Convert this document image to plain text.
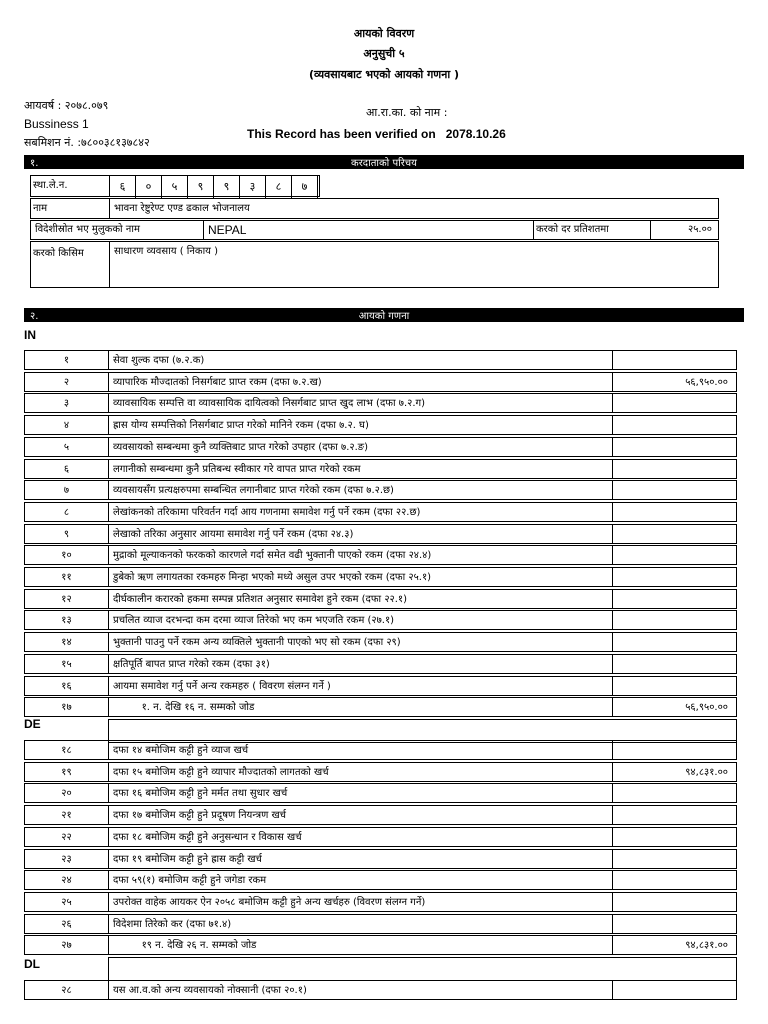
आयको विवरण
अनुसुची ५
(व्यवसायबाट भएको आयको गणना )
आयवर्ष : २०७८.०७९
Bussiness 1
सबमिशन नं. :७८००३८१३७८४२
आ.रा.का. को नाम :
This Record has been verified on   2078.10.26
१.	करदाताको परिचय
स्था.ले.न.	६	०	५	९	९	३	८	७
नाम	भावना रेष्टुरेण्ट एण्ड ढकाल भोजनालय
विदेशीस्रोत भए मुलुकको नाम	NEPAL	करको दर प्रतिशतमा	२५.००
करको किसिम	साधारण व्यवसाय ( निकाय )
२.	आयको गणना
IN
१	सेवा शुल्क दफा (७.२.क)
२	व्यापारिक मौज्दातको निसर्गबाट प्राप्त रकम (दफा ७.२.ख)	५६,९५०.००
३	व्यावसायिक सम्पत्ति वा व्यावसायिक दायित्वको निसर्गबाट प्राप्त खुद लाभ (दफा ७.२.ग)
४	ह्रास योग्य सम्पत्तिको निसर्गबाट प्राप्त गरेको मानिने रकम (दफा ७.२. घ)
५	व्यवसायको सम्बन्धमा कुनै व्यक्तिबाट प्राप्त गरेको उपहार (दफा ७.२.ङ)
६	लगानीको सम्बन्धमा कुनै प्रतिबन्ध स्वीकार गरे वापत प्राप्त गरेको रकम
७	व्यवसायसँग प्रत्यक्षरुपमा सम्बन्धित लगानीबाट प्राप्त गरेको रकम (दफा ७.२.छ)
८	लेखांकनको तरिकामा परिवर्तन गर्दा आय गणनामा समावेश गर्नु पर्ने रकम (दफा २२.छ)
९	लेखाको तरिका अनुसार आयमा समावेश गर्नु पर्ने रकम (दफा २४.३)
१०	मुद्राको मूल्याकनको फरकको कारणले गर्दा समेत वढी भुक्तानी पाएको रकम (दफा २४.४)
११	डुबेको ऋण लगायतका रकमहरु मिन्हा भएको मध्ये असुल उपर भएको रकम (दफा २५.१)
१२	दीर्घकालीन करारको हकमा सम्पन्न प्रतिशत अनुसार समावेश हुने रकम (दफा २२.१)
१३	प्रचलित व्याज दरभन्दा कम दरमा व्याज तिरेको भए कम भएजति रकम (२७.१)
१४	भुक्तानी पाउनु पर्ने रकम अन्य व्यक्तिले भुक्तानी पाएको भए सो रकम (दफा २९)
१५	क्षतिपूर्ति बापत प्राप्त गरेको रकम (दफा ३१)
१६	आयमा समावेश गर्नु पर्ने अन्य रकमहरु ( विवरण संलग्न गर्ने )
१७	१. न. देखि १६ न. सम्मको जोड	५६,९५०.००
DE
१८	दफा १४ बमोजिम कट्टी हुने व्याज खर्च
१९	दफा १५ बमोजिम कट्टी हुने व्यापार मौज्दातको लागतको खर्च	९४,८३१.००
२०	दफा १६ बमोजिम कट्टी हुने मर्मत तथा सुधार खर्च
२१	दफा १७ बमोजिम कट्टी हुने प्रदूषण नियन्त्रण खर्च
२२	दफा १८ बमोजिम कट्टी हुने अनुसन्धान र विकास खर्च
२३	दफा १९ बमोजिम कट्टी हुने ह्रास कट्टी खर्च
२४	दफा ५९(१) बमोजिम कट्टी हुने जगेडा रकम
२५	उपरोक्त वाहेक आयकर ऐन २०५८ बमोजिम कट्टी हुने अन्य खर्चहरु (विवरण संलग्न गर्ने)
२६	विदेशमा तिरेको कर (दफा ७१.४)
२७	१९ न. देखि २६ न. सम्मको जोड	९४,८३१.००
DL
२८	यस आ.व.को अन्य व्यवसायको नोक्सानी (दफा २०.१)
